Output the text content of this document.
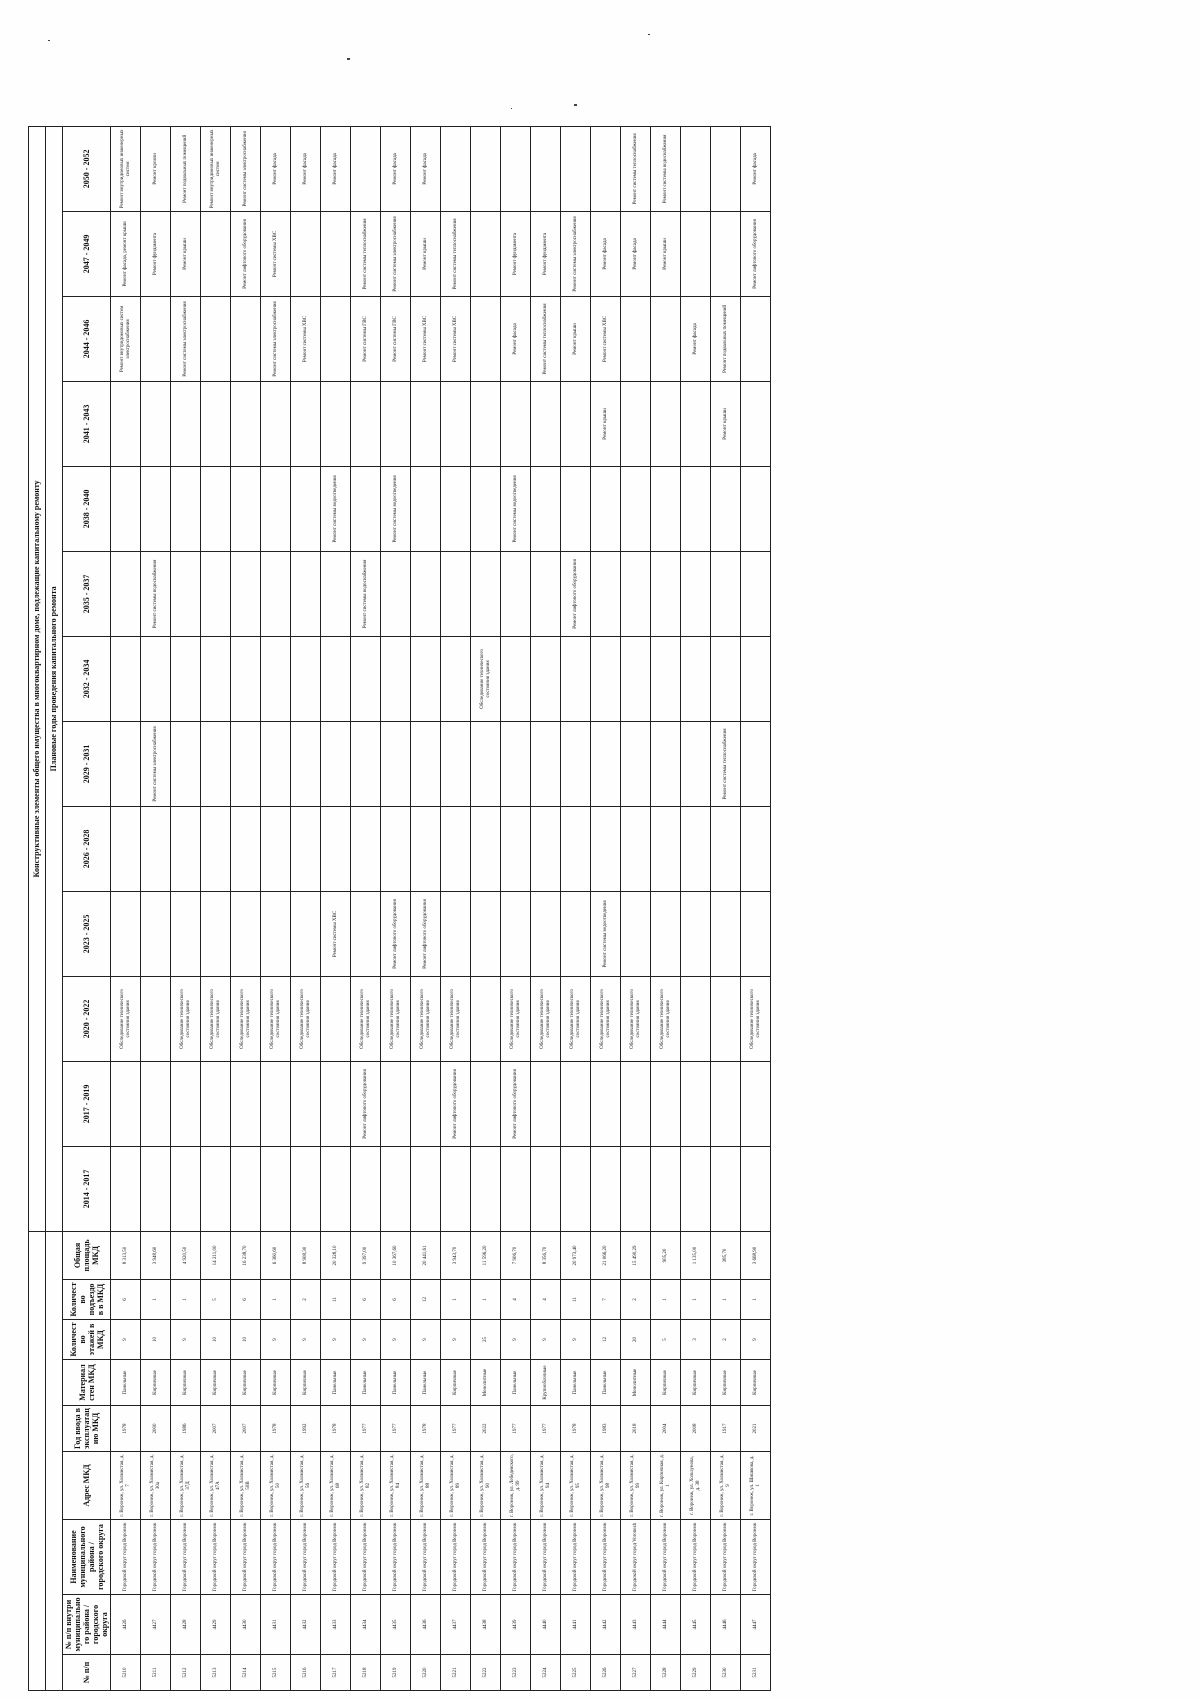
									Конструктивные элементы общего имущества в многоквартирном доме, подлежащие капитальному ремонту												
									Плановые годы проведения капитального ремонта												
№ п/п	№ п/п внутри муниципального района / городского округа	Наименование муниципального района / городского округа	Адрес МКД	Год ввода в эксплуатацию МКД	Материал стен МКД	Количество этажей в МКД	Количество подъездов в МКД	Общая площадь МКД	2014 - 2017	2017 - 2019	2020 - 2022	2023 - 2025	2026 - 2028	2029 - 2031	2032 - 2034	2035 - 2037	2038 - 2040	2041 - 2043	2044 - 2046	2047 - 2049	2050 - 2052
5210	4426	Городской округ город Воронеж	г. Воронеж, ул. Холмистая, д. 7	1978	Панельные	9	6	8 313,50			Обследование технического состояния здания								Ремонт внутридомовых систем электроснабжения	Ремонт фасада, ремонт крыши	Ремонт внутридомовых инженерных систем
5211	4427	Городской округ город Воронеж	г. Воронеж, ул. Холмистая, д. 30а	2000	Кирпичные	10	1	3 948,60						Ремонт системы электроснабжения		Ремонт системы водоснабжения				Ремонт фундамента	Ремонт кровли
5212	4428	Городской округ город Воронеж	г. Воронеж, ул. Холмистая, д. 37Д	1986	Кирпичные	9	1	4 920,50			Обследование технического состояния здания								Ремонт системы электроснабжения	Ремонт крыши	Ремонт подвальных помещений
5213	4429	Городской округ город Воронеж	г. Воронеж, ул. Холмистая, д. 47А	2007	Кирпичные	10	5	14 211,00			Обследование технического состояния здания										Ремонт внутридомовых инженерных систем
5214	4430	Городской округ город Воронеж	г. Воронеж, ул. Холмистая, д. 50В	2007	Кирпичные	10	6	16 238,70			Обследование технического состояния здания									Ремонт лифтового оборудования	Ремонт системы электроснабжения
5215	4431	Городской округ город Воронеж	г. Воронеж, ул. Холмистая, д. 50	1978	Кирпичные	9	1	6 360,60			Обследование технического состояния здания								Ремонт системы электроснабжения	Ремонт системы ХВС	Ремонт фасада
5216	4432	Городской округ город Воронеж	г. Воронеж, ул. Холмистая, д. 56	1992	Кирпичные	9	2	8 908,30			Обследование технического состояния здания								Ремонт системы ХВС		Ремонт фасада
5217	4433	Городской округ город Воронеж	г. Воронеж, ул. Холмистая, д. 68	1978	Панельные	9	11	20 328,10				Ремонт системы ХВС					Ремонт системы водоотведения				Ремонт фасада
5218	4434	Городской округ город Воронеж	г. Воронеж, ул. Холмистая, д. 82	1977	Панельные	9	6	9 397,00		Ремонт лифтового оборудования	Обследование технического состояния здания					Ремонт системы водоснабжения			Ремонт системы ГВС	Ремонт системы теплоснабжения	
5219	4435	Городской округ город Воронеж	г. Воронеж, ул. Холмистая, д. 84	1977	Панельные	9	6	10 367,60			Обследование технического состояния здания	Ремонт лифтового оборудования					Ремонт системы водоотведения		Ремонт системы ГВС	Ремонт системы электроснабжения	Ремонт фасада
5220	4436	Городской округ город Воронеж	г. Воронеж, ул. Холмистая, д. 88	1978	Панельные	9	12	20 441,61			Обследование технического состояния здания	Ремонт лифтового оборудования							Ремонт системы ХВС	Ремонт крыши	Ремонт фасада
5221	4437	Городской округ город Воронеж	г. Воронеж, ул. Холмистая, д. 89	1977	Кирпичные	9	1	3 943,70		Ремонт лифтового оборудования	Обследование технического состояния здания								Ремонт системы ХВС	Ремонт системы теплоснабжения	
5222	4438	Городской округ город Воронеж	г. Воронеж, ул. Холмистая, д. 90	2022	Монолитные	25	1	11 596,20							Обследование технического состояния здания						
5223	4439	Городской округ город Воронеж	г. Воронеж, ул. Лебедевского, д. 99	1977	Панельные	9	4	7 906,70		Ремонт лифтового оборудования	Обследование технического состояния здания						Ремонт системы водоотведения		Ремонт фасада	Ремонт фундамента	
5224	4440	Городской округ город Воронеж	г. Воронеж, ул. Холмистая, д. 94	1977	Крупноблочные	9	4	8 356,70			Обследование технического состояния здания								Ремонт системы теплоснабжения	Ремонт фундамента	
5225	4441	Городской округ город Воронеж	г. Воронеж, ул. Холмистая, д. 95	1978	Панельные	9	11	20 973,40			Обследование технического состояния здания					Ремонт лифтового оборудования			Ремонт крыши	Ремонт системы электроснабжения	
5226	4442	Городской округ город Воронеж	г. Воронеж, ул. Холмистая, д. 98	1983	Панельные	12	7	21 066,20			Обследование технического состояния здания	Ремонт системы водоотведения						Ремонт крыши	Ремонт системы ХВС	Ремонт фасада	
5227	4443	Городской округ город Voronezh	г. Воронеж, ул. Холмистая, д. 99	2018	Монолитные	20	2	15 490,29			Обследование технического состояния здания									Ремонт фасада	Ремонт системы теплоснабжения
5228	4444	Городской округ город Воронеж	г. Воронеж, ул. Кирпичная, д. 1	2004	Кирпичные	5	1	905,20			Обследование технического состояния здания									Ремонт крыши	Ремонт системы водоснабжения
5229	4445	Городской округ город Воронеж	г. Воронеж, ул. Хользунова, д. 38	2008	Кирпичные	3	1	1 135,00											Ремонт фасада		
5230	4446	Городской округ город Воронеж	г. Воронеж, ул. Холмистая, д. 9	1917	Кирпичные	2	1	385,70						Ремонт системы теплоснабжения				Ремонт крыши	Ремонт подвальных помещений		
5231	4447	Городской округ город Воронеж	г. Воронеж, ул. Шишкова, д. 1	2021	Кирпичные	9	1	3 668,90			Обследование технического состояния здания									Ремонт лифтового оборудования	Ремонт фасада
